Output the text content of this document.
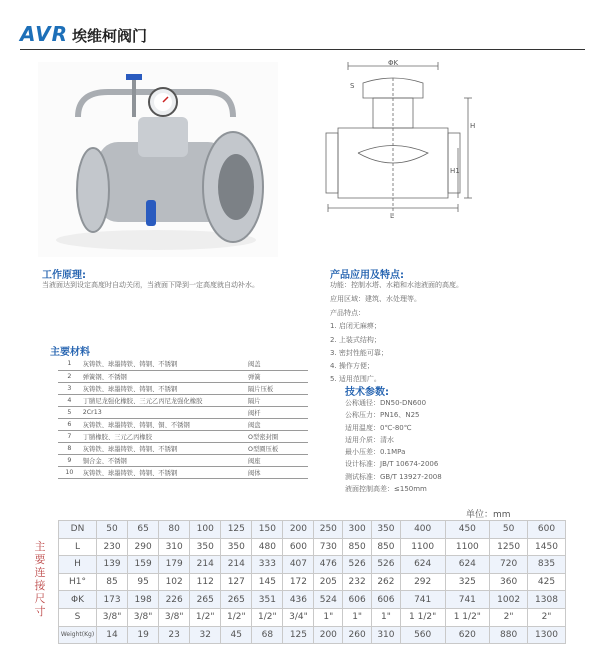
AVR 埃维柯阀门
ΦK
S
H
H1
L
工作原理:
当液面达到设定高度时自动关闭，当液面下降到一定高度就自动补水。
产品应用及特点:
功能：控制水塔、水箱和水池液面的高度。
应用区域：建筑、水处理等。
产品特点：
1. 启闭无麻痹；
2. 上装式结构；
3. 密封性能可靠；
4. 操作方便；
5. 适用范围广。
主要材料
1	灰铸铁、球墨铸铁、铸钢、不锈钢	阀盖
2	弹簧钢、不锈钢	弹簧
3	灰铸铁、球墨铸铁、铸钢、不锈钢	隔片压板
4	丁腈尼龙强化橡胶、三元乙丙尼龙强化橡胶	隔片
5	2Cr13	阀杆
6	灰铸铁、球墨铸铁、铸钢、铜、不锈钢	阀盘
7	丁腈橡胶、三元乙丙橡胶	O型密封圈
8	灰铸铁、球墨铸铁、铸钢、不锈钢	O型圈压板
9	铜合金、不锈钢	阀座
10	灰铸铁、球墨铸铁、铸钢、不锈钢	阀体
技术参数:
公称通径：DN50-DN600
公称压力：PN16、N25
适用温度：0℃-80℃
适用介质：清水
最小压差：0.1MPa
设计标准：JB/T 10674-2006
测试标准：GB/T 13927-2008
液面控制高差：≤150mm
单位：mm
主要连接尺寸
DN	50	65	80	100	125	150	200	250	300	350	400	450	50	600
L	230	290	310	350	350	480	600	730	850	850	1100	1100	1250	1450
H	139	159	179	214	214	333	407	476	526	526	624	624	720	835
H1°	85	95	102	112	127	145	172	205	232	262	292	325	360	425
ΦK	173	198	226	265	265	351	436	524	606	606	741	741	1002	1308
S	3/8"	3/8"	3/8"	1/2"	1/2"	1/2"	3/4"	1"	1"	1"	1 1/2"	1 1/2"	2"	2"
Weight(Kg)	14	19	23	32	45	68	125	200	260	310	560	620	880	1300
